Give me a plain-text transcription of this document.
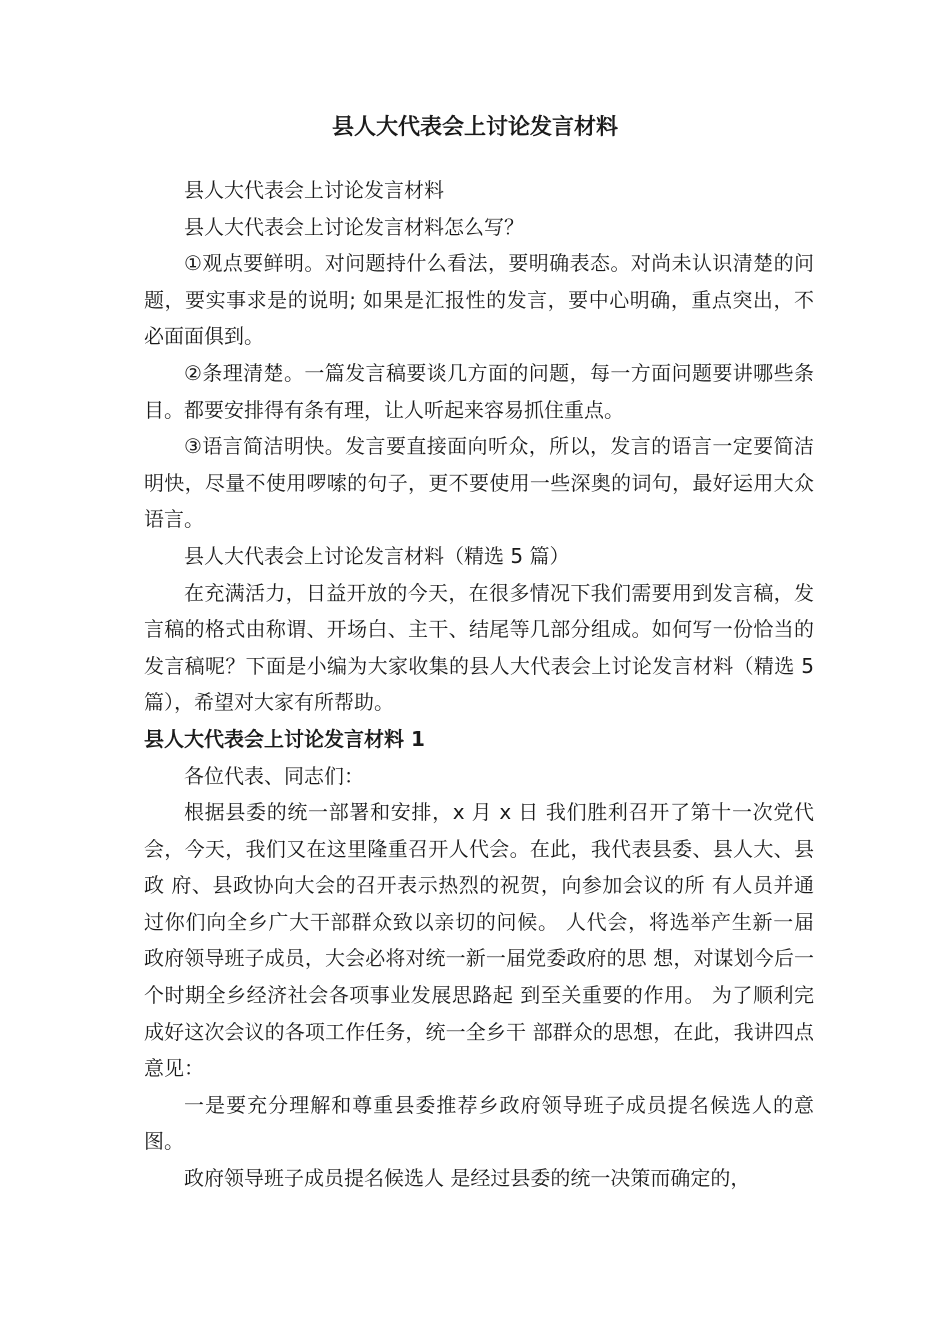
县人大代表会上讨论发言材料

县人大代表会上讨论发言材料

县人大代表会上讨论发言材料怎么写？

①观点要鲜明。对问题持什么看法，要明确表态。对尚未认识清楚的问题，要实事求是的说明; 如果是汇报性的发言，要中心明确，重点突出，不必面面俱到。

②条理清楚。一篇发言稿要谈几方面的问题，每一方面问题要讲哪些条目。都要安排得有条有理，让人听起来容易抓住重点。

③语言简洁明快。发言要直接面向听众，所以，发言的语言一定要简洁明快，尽量不使用啰嗦的句子，更不要使用一些深奥的词句，最好运用大众语言。

县人大代表会上讨论发言材料（精选 5 篇）

在充满活力，日益开放的今天，在很多情况下我们需要用到发言稿，发言稿的格式由称谓、开场白、主干、结尾等几部分组成。如何写一份恰当的发言稿呢？下面是小编为大家收集的县人大代表会上讨论发言材料（精选 5 篇），希望对大家有所帮助。

县人大代表会上讨论发言材料 1

各位代表、同志们：

根据县委的统一部署和安排，x 月 x 日 我们胜利召开了第十一次党代会，今天，我们又在这里隆重召开人代会。在此，我代表县委、县人大、县政 府、县政协向大会的召开表示热烈的祝贺，向参加会议的所 有人员并通过你们向全乡广大干部群众致以亲切的问候。 人代会，将选举产生新一届 政府领导班子成员，大会必将对统一新一届党委政府的思 想，对谋划今后一个时期全乡经济社会各项事业发展思路起 到至关重要的作用。 为了顺利完成好这次会议的各项工作任务，统一全乡干 部群众的思想，在此，我讲四点意见：

一是要充分理解和尊重县委推荐乡政府领导班子成员提名候选人的意图。

政府领导班子成员提名候选人 是经过县委的统一决策而确定的，
